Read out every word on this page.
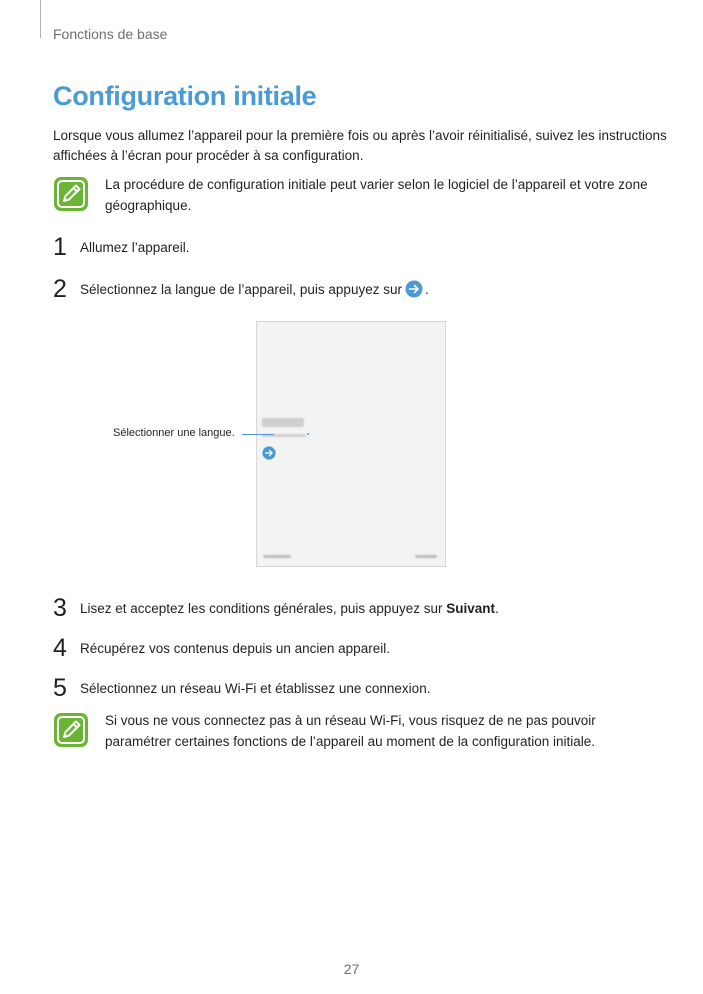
Fonctions de base
Configuration initiale
Lorsque vous allumez l’appareil pour la première fois ou après l’avoir réinitialisé, suivez les instructions affichées à l’écran pour procéder à sa configuration.
La procédure de configuration initiale peut varier selon le logiciel de l’appareil et votre zone géographique.
1 Allumez l’appareil.
2 Sélectionnez la langue de l’appareil, puis appuyez sur .
Sélectionner une langue.
3 Lisez et acceptez les conditions générales, puis appuyez sur Suivant.
4 Récupérez vos contenus depuis un ancien appareil.
5 Sélectionnez un réseau Wi-Fi et établissez une connexion.
Si vous ne vous connectez pas à un réseau Wi-Fi, vous risquez de ne pas pouvoir paramétrer certaines fonctions de l’appareil au moment de la configuration initiale.
27
